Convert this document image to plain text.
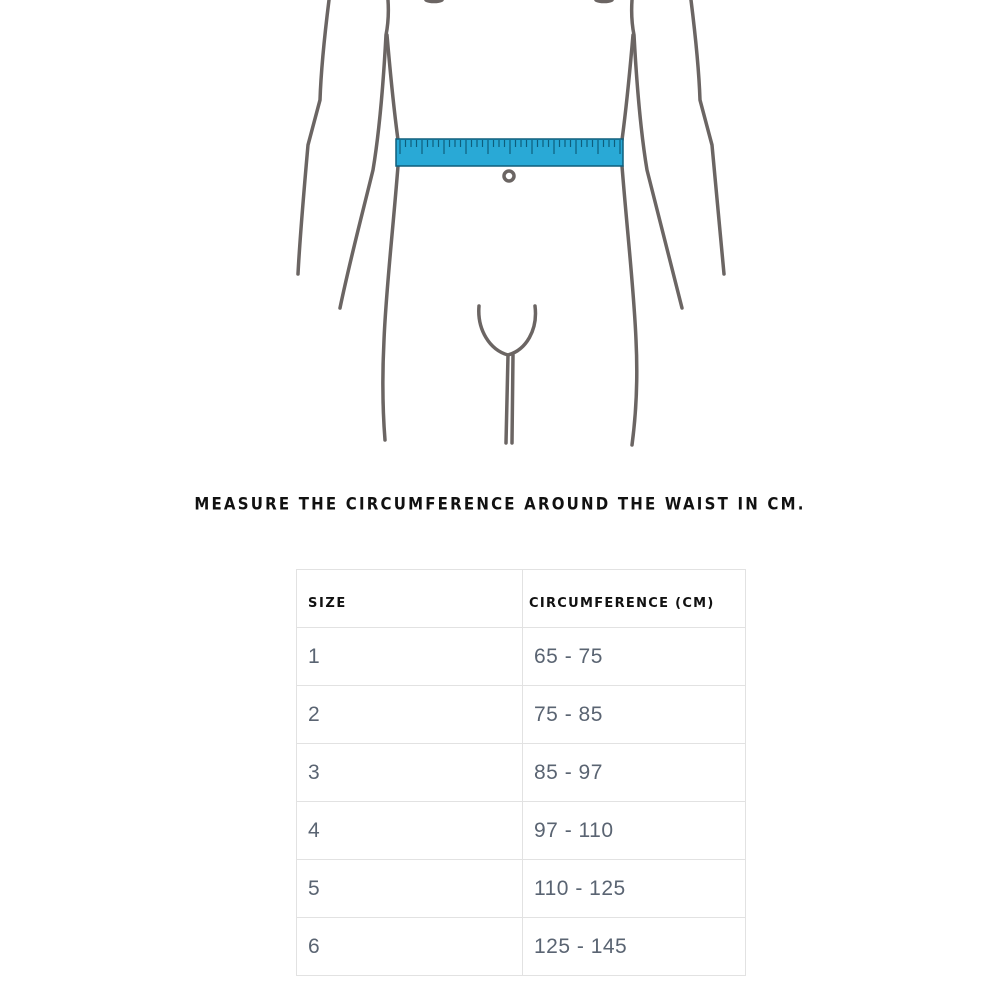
MEASURE THE CIRCUMFERENCE AROUND THE WAIST IN CM.
SIZE	CIRCUMFERENCE (CM)
1	65 - 75
2	75 - 85
3	85 - 97
4	97 - 110
5	110 - 125
6	125 - 145
